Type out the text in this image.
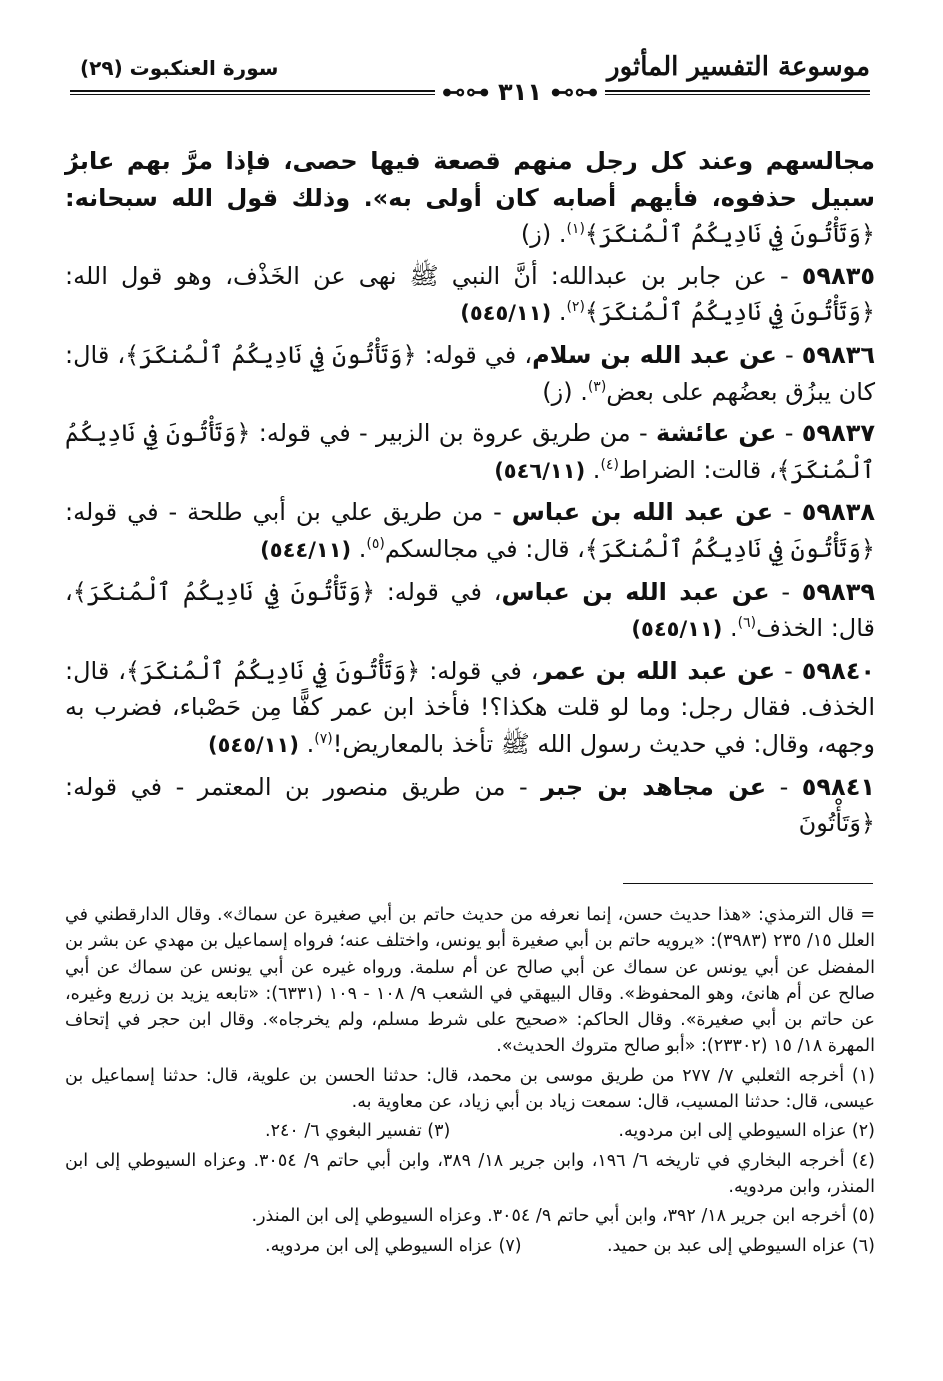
سورة العنكبوت (٢٩)	موسوعة التفسير المأثور
⊷⊶ ٣١١ ⊷⊶

مجالسهم وعند كل رجل منهم قصعة فيها حصى، فإذا مرَّ بهم عابرُ سبيل حذفوه، فأيهم أصابه كان أولى به». وذلك قول الله سبحانه: ﴿وَتَأْتُونَ فِي نَادِيكُمُ ٱلْمُنكَرَ﴾$^{(١)}$. (ز)

٥٩٨٣٥ - عن جابر بن عبدالله: أنَّ النبي ﷺ نهى عن الخَذْف، وهو قول الله: ﴿وَتَأْتُونَ فِي نَادِيكُمُ ٱلْمُنكَرَ﴾$^{(٢)}$. (٥٤٥/١١)

٥٩٨٣٦ - عن عبد الله بن سلام، في قوله: ﴿وَتَأْتُونَ فِي نَادِيكُمُ ٱلْمُنكَرَ﴾، قال: كان يبزُق بعضُهم على بعض$^{(٣)}$. (ز)

٥٩٨٣٧ - عن عائشة - من طريق عروة بن الزبير - في قوله: ﴿وَتَأْتُونَ فِي نَادِيكُمُ ٱلْمُنكَرَ﴾، قالت: الضراط$^{(٤)}$. (٥٤٦/١١)

٥٩٨٣٨ - عن عبد الله بن عباس - من طريق علي بن أبي طلحة - في قوله: ﴿وَتَأْتُونَ فِي نَادِيكُمُ ٱلْمُنكَرَ﴾، قال: في مجالسكم$^{(٥)}$. (٥٤٤/١١)

٥٩٨٣٩ - عن عبد الله بن عباس، في قوله: ﴿وَتَأْتُونَ فِي نَادِيكُمُ ٱلْمُنكَرَ﴾، قال: الخذف$^{(٦)}$. (٥٤٥/١١)

٥٩٨٤٠ - عن عبد الله بن عمر، في قوله: ﴿وَتَأْتُونَ فِي نَادِيكُمُ ٱلْمُنكَرَ﴾، قال: الخذف. فقال رجل: وما لو قلت هكذا؟! فأخذ ابن عمر كفًّا مِن حَصْباء، فضرب به وجهه، وقال: في حديث رسول الله ﷺ تأخذ بالمعاريض!$^{(٧)}$. (٥٤٥/١١)

٥٩٨٤١ - عن مجاهد بن جبر - من طريق منصور بن المعتمر - في قوله: ﴿وَتَأْتُونَ

= قال الترمذي: «هذا حديث حسن، إنما نعرفه من حديث حاتم بن أبي صغيرة عن سماك». وقال الدارقطني في العلل ١٥/ ٢٣٥ (٣٩٨٣): «يرويه حاتم بن أبي صغيرة أبو يونس، واختلف عنه؛ فرواه إسماعيل بن مهدي عن بشر بن المفضل عن أبي يونس عن سماك عن أبي صالح عن أم سلمة. ورواه غيره عن أبي يونس عن سماك عن أبي صالح عن أم هانئ، وهو المحفوظ». وقال البيهقي في الشعب ٩/ ١٠٨ - ١٠٩ (٦٣٣١): «تابعه يزيد بن زريع وغيره، عن حاتم بن أبي صغيرة». وقال الحاكم: «صحيح على شرط مسلم، ولم يخرجاه». وقال ابن حجر في إتحاف المهرة ١٨/ ١٥ (٢٣٣٠٢): «أبو صالح متروك الحديث».

(١) أخرجه الثعلبي ٧/ ٢٧٧ من طريق موسى بن محمد، قال: حدثنا الحسن بن علوية، قال: حدثنا إسماعيل بن عيسى، قال: حدثنا المسيب، قال: سمعت زياد بن أبي زياد، عن معاوية به.

(٢) عزاه السيوطي إلى ابن مردويه.
(٣) تفسير البغوي ٦/ ٢٤٠.

(٤) أخرجه البخاري في تاريخه ٦/ ١٩٦، وابن جرير ١٨/ ٣٨٩، وابن أبي حاتم ٩/ ٣٠٥٤. وعزاه السيوطي إلى ابن المنذر، وابن مردويه.

(٥) أخرجه ابن جرير ١٨/ ٣٩٢، وابن أبي حاتم ٩/ ٣٠٥٤. وعزاه السيوطي إلى ابن المنذر.

(٦) عزاه السيوطي إلى عبد بن حميد.
(٧) عزاه السيوطي إلى ابن مردويه.
